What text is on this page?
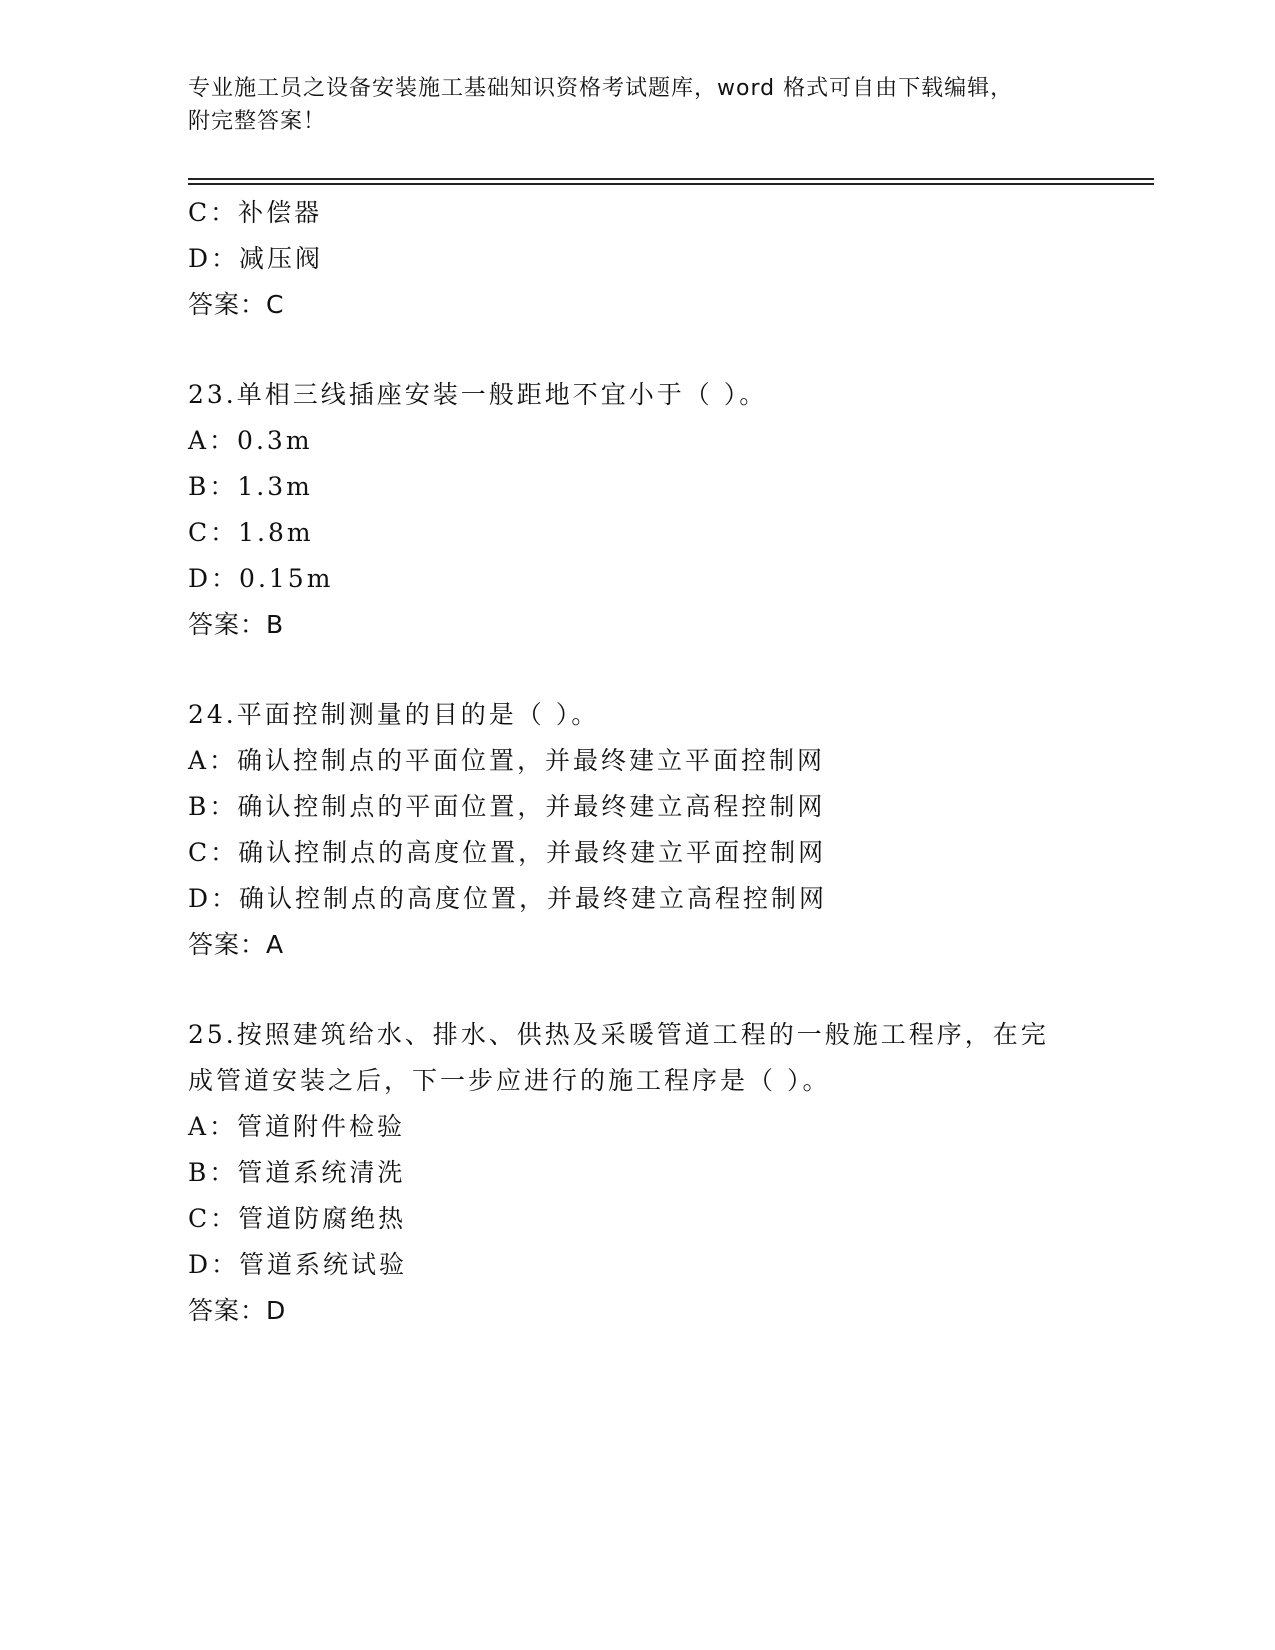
专业施工员之设备安装施工基础知识资格考试题库，word 格式可自由下载编辑，
附完整答案！
C：补偿器
D：减压阀
答案：C
23.单相三线插座安装一般距地不宜小于（ ）。
A：0.3m
B：1.3m
C：1.8m
D：0.15m
答案：B
24.平面控制测量的目的是（ ）。
A：确认控制点的平面位置，并最终建立平面控制网
B：确认控制点的平面位置，并最终建立高程控制网
C：确认控制点的高度位置，并最终建立平面控制网
D：确认控制点的高度位置，并最终建立高程控制网
答案：A
25.按照建筑给水、排水、供热及采暖管道工程的一般施工程序，在完
成管道安装之后，下一步应进行的施工程序是（ ）。
A：管道附件检验
B：管道系统清洗
C：管道防腐绝热
D：管道系统试验
答案：D
